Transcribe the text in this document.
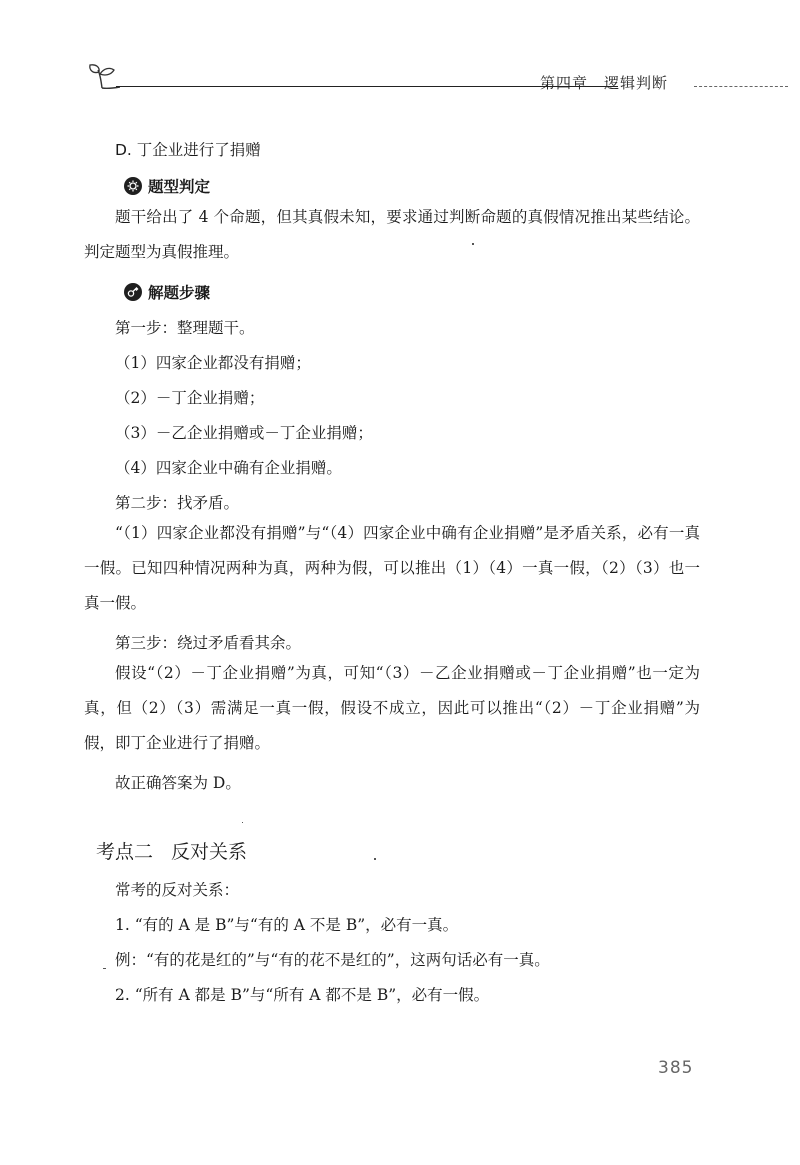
第四章　逻辑判断
D. 丁企业进行了捐赠
题型判定

题干给出了 4 个命题，但其真假未知，要求通过判断命题的真假情况推出某些结论。判定题型为真假推理。

解题步骤
第一步：整理题干。
（1）四家企业都没有捐赠；
（2）－丁企业捐赠；
（3）－乙企业捐赠或－丁企业捐赠；
（4）四家企业中确有企业捐赠。
第二步：找矛盾。

“（1）四家企业都没有捐赠”与“（4）四家企业中确有企业捐赠”是矛盾关系，必有一真一假。已知四种情况两种为真，两种为假，可以推出（1）（4）一真一假，（2）（3）也一真一假。

第三步：绕过矛盾看其余。

假设“（2）－丁企业捐赠”为真，可知“（3）－乙企业捐赠或－丁企业捐赠”也一定为真，但（2）（3）需满足一真一假，假设不成立，因此可以推出“（2）－丁企业捐赠”为假，即丁企业进行了捐赠。

故正确答案为 D。
考点二 反对关系
常考的反对关系：
1. “有的 A 是 B”与“有的 A 不是 B”，必有一真。
例：“有的花是红的”与“有的花不是红的”，这两句话必有一真。
2. “所有 A 都是 B”与“所有 A 都不是 B”，必有一假。
385
